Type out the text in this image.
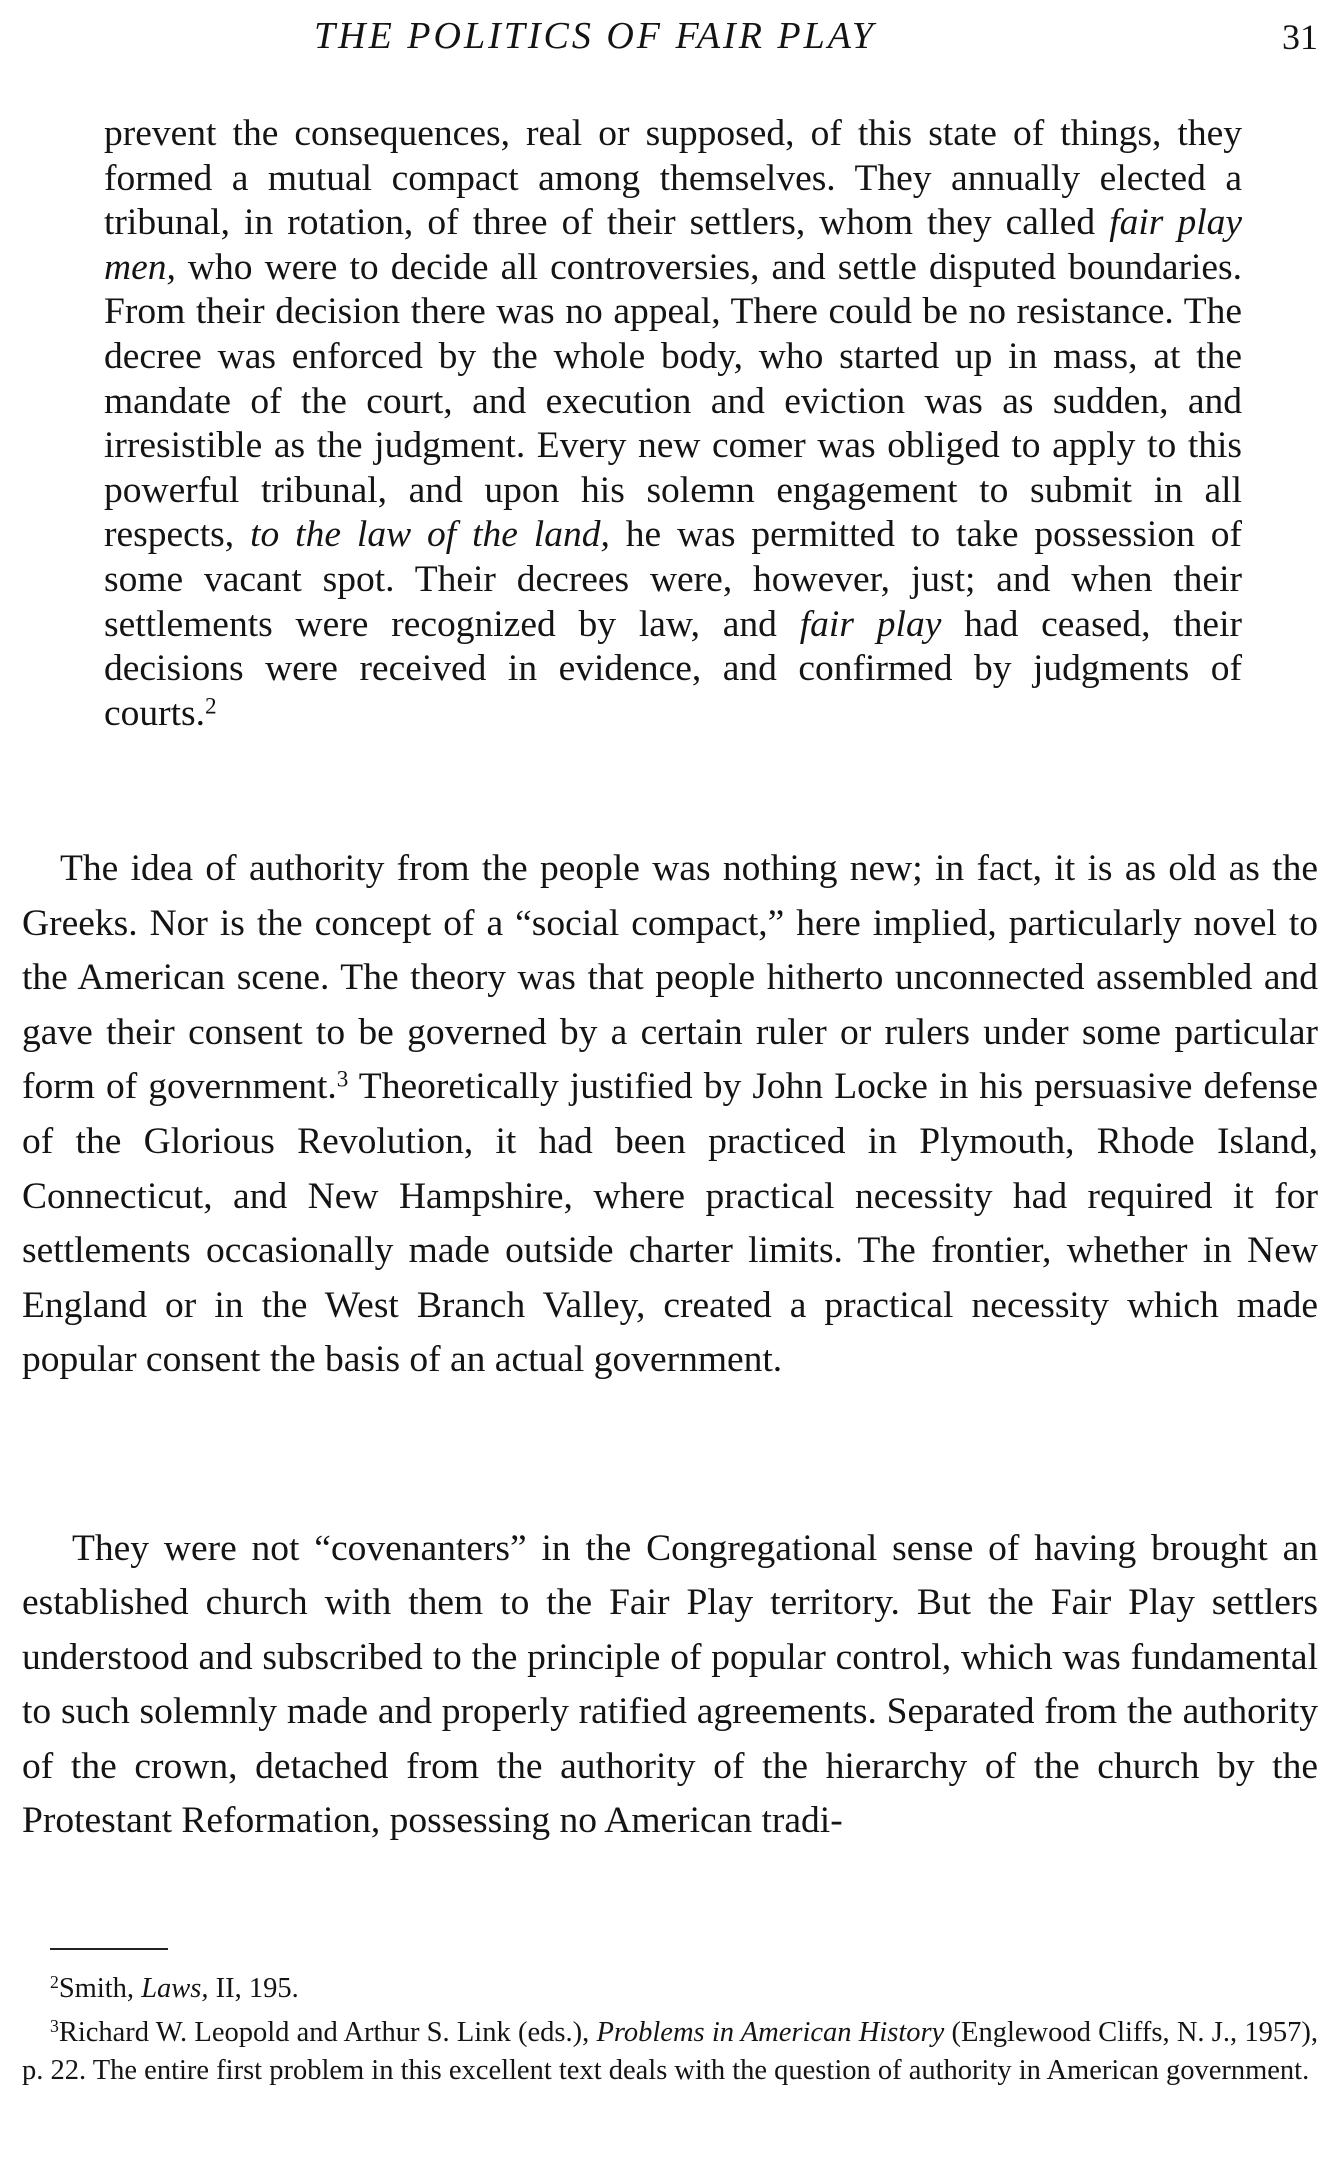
THE POLITICS OF FAIR PLAY	31
prevent the consequences, real or supposed, of this state of things, they formed a mutual compact among themselves. They annually elected a tribunal, in rotation, of three of their settlers, whom they called fair play men, who were to decide all controversies, and settle disputed boundaries. From their decision there was no appeal, There could be no resistance. The decree was enforced by the whole body, who started up in mass, at the mandate of the court, and execution and eviction was as sudden, and irresistible as the judgment. Every new comer was obliged to apply to this powerful tribunal, and upon his solemn engagement to submit in all respects, to the law of the land, he was permitted to take possession of some vacant spot. Their decrees were, however, just; and when their settlements were recognized by law, and fair play had ceased, their decisions were received in evidence, and confirmed by judgments of courts.$^2$

The idea of authority from the people was nothing new; in fact, it is as old as the Greeks. Nor is the concept of a “social compact,” here implied, particularly novel to the American scene. The theory was that people hitherto unconnected assembled and gave their consent to be governed by a certain ruler or rulers under some particular form of government.$^3$ Theoretically justified by John Locke in his persuasive defense of the Glorious Revolution, it had been practiced in Plymouth, Rhode Island, Connecticut, and New Hampshire, where practical necessity had required it for settlements occasionally made outside charter limits. The frontier, whether in New England or in the West Branch Valley, created a practical necessity which made popular consent the basis of an actual government.

They were not “covenanters” in the Congregational sense of having brought an established church with them to the Fair Play territory. But the Fair Play settlers understood and subscribed to the principle of popular control, which was fundamental to such solemnly made and properly ratified agreements. Separated from the authority of the crown, detached from the authority of the hierarchy of the church by the Protestant Reformation, possessing no American tradi-

$^2$Smith, Laws, II, 195.

$^3$Richard W. Leopold and Arthur S. Link (eds.), Problems in American History (Englewood Cliffs, N. J., 1957), p. 22. The entire first problem in this excellent text deals with the question of authority in American government.
